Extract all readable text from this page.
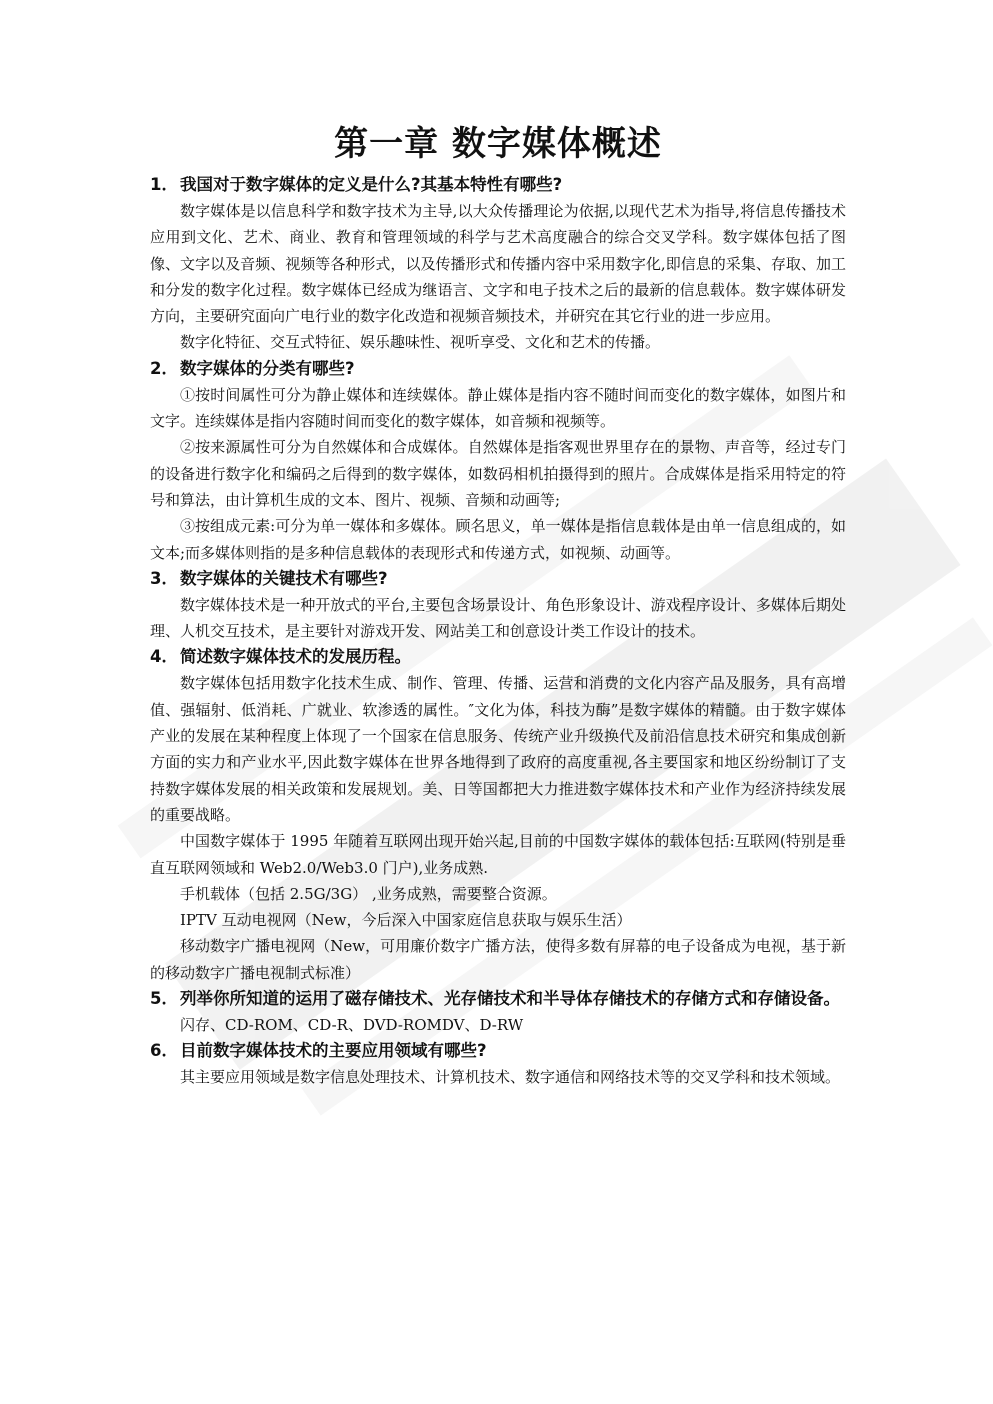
第一章 数字媒体概述
1． 我国对于数字媒体的定义是什么?其基本特性有哪些?

数字媒体是以信息科学和数字技术为主导,以大众传播理论为依据,以现代艺术为指导,将信息传播技术应用到文化、艺术、商业、教育和管理领域的科学与艺术高度融合的综合交叉学科。数字媒体包括了图像、文字以及音频、视频等各种形式，以及传播形式和传播内容中采用数字化,即信息的采集、存取、加工和分发的数字化过程。数字媒体已经成为继语言、文字和电子技术之后的最新的信息载体。数字媒体研发方向，主要研究面向广电行业的数字化改造和视频音频技术，并研究在其它行业的进一步应用。

数字化特征、交互式特征、娱乐趣味性、视听享受、文化和艺术的传播。

2． 数字媒体的分类有哪些?

①按时间属性可分为静止媒体和连续媒体。静止媒体是指内容不随时间而变化的数字媒体，如图片和文字。连续媒体是指内容随时间而变化的数字媒体，如音频和视频等。

②按来源属性可分为自然媒体和合成媒体。自然媒体是指客观世界里存在的景物、声音等，经过专门的设备进行数字化和编码之后得到的数字媒体，如数码相机拍摄得到的照片。合成媒体是指采用特定的符号和算法，由计算机生成的文本、图片、视频、音频和动画等;

③按组成元素:可分为单一媒体和多媒体。顾名思义，单一媒体是指信息载体是由单一信息组成的，如文本;而多媒体则指的是多种信息载体的表现形式和传递方式，如视频、动画等。

3． 数字媒体的关键技术有哪些?

数字媒体技术是一种开放式的平台,主要包含场景设计、角色形象设计、游戏程序设计、多媒体后期处理、人机交互技术，是主要针对游戏开发、网站美工和创意设计类工作设计的技术。

4． 简述数字媒体技术的发展历程。

数字媒体包括用数字化技术生成、制作、管理、传播、运营和消费的文化内容产品及服务，具有高增值、强辐射、低消耗、广就业、软渗透的属性。″文化为体，科技为酶”是数字媒体的精髓。由于数字媒体产业的发展在某种程度上体现了一个国家在信息服务、传统产业升级换代及前沿信息技术研究和集成创新方面的实力和产业水平,因此数字媒体在世界各地得到了政府的高度重视,各主要国家和地区纷纷制订了支持数字媒体发展的相关政策和发展规划。美、日等国都把大力推进数字媒体技术和产业作为经济持续发展的重要战略。

中国数字媒体于 1995 年随着互联网出现开始兴起,目前的中国数字媒体的载体包括:互联网(特别是垂直互联网领域和 Web2.0/Web3.0 门户),业务成熟.

手机载体（包括 2.5G/3G） ,业务成熟，需要整合资源。

IPTV 互动电视网（New，今后深入中国家庭信息获取与娱乐生活）

移动数字广播电视网（New，可用廉价数字广播方法，使得多数有屏幕的电子设备成为电视，基于新的移动数字广播电视制式标准）

5． 列举你所知道的运用了磁存储技术、光存储技术和半导体存储技术的存储方式和存储设备。

闪存、CD-ROM、CD-R、DVD-ROMDV、D-RW

6． 目前数字媒体技术的主要应用领域有哪些?

其主要应用领域是数字信息处理技术、计算机技术、数字通信和网络技术等的交叉学科和技术领域。
